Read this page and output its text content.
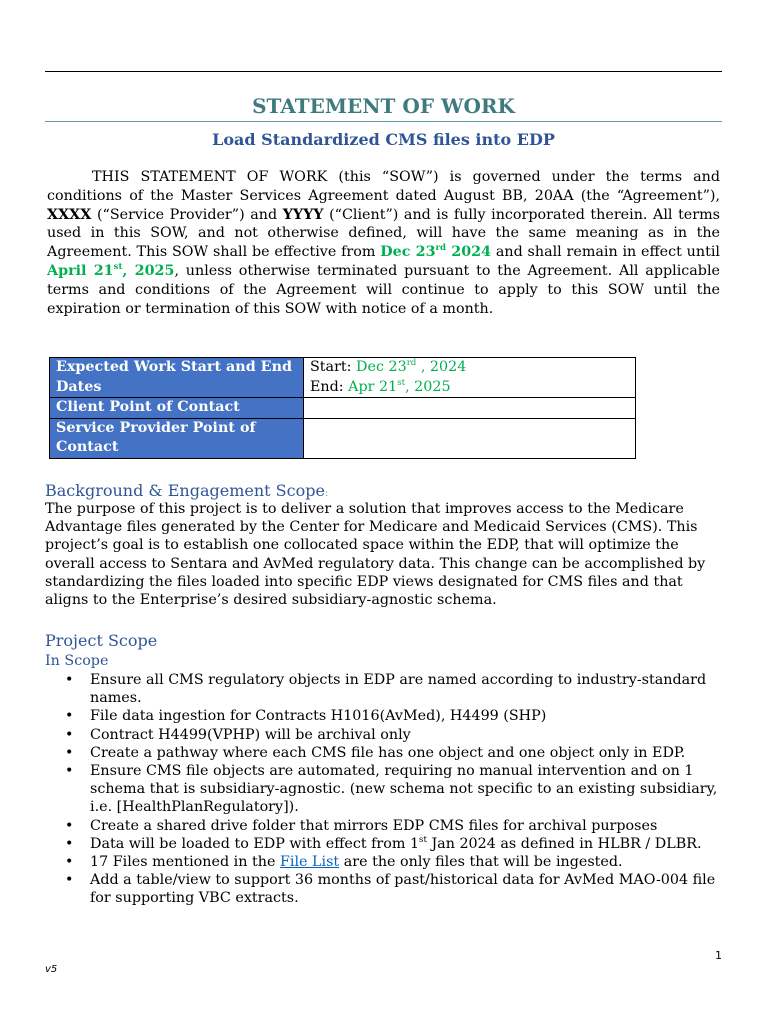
STATEMENT OF WORK
Load Standardized CMS files into EDP
THIS STATEMENT OF WORK (this “SOW”) is governed under the terms and conditions of the Master Services Agreement dated August BB, 20AA (the “Agreement”), XXXX (“Service Provider”) and YYYY (“Client”) and is fully incorporated therein. All terms used in this SOW, and not otherwise defined, will have the same meaning as in the Agreement. This SOW shall be effective from Dec 23rd 2024 and shall remain in effect until April 21st, 2025, unless otherwise terminated pursuant to the Agreement. All applicable terms and conditions of the Agreement will continue to apply to this SOW until the expiration or termination of this SOW with notice of a month.
Expected Work Start and End Dates	Start: Dec 23rd , 2024
End: Apr 21st, 2025

Client Point of Contact	
Service Provider Point of Contact	
Background & Engagement Scope:
The purpose of this project is to deliver a solution that improves access to the Medicare Advantage files generated by the Center for Medicare and Medicaid Services (CMS). This project’s goal is to establish one collocated space within the EDP, that will optimize the overall access to Sentara and AvMed regulatory data. This change can be accomplished by standardizing the files loaded into specific EDP views designated for CMS files and that aligns to the Enterprise’s desired subsidiary-agnostic schema.
Project Scope
In Scope
• Ensure all CMS regulatory objects in EDP are named according to industry-standard names.
• File data ingestion for Contracts H1016(AvMed), H4499 (SHP)
• Contract H4499(VPHP) will be archival only
• Create a pathway where each CMS file has one object and one object only in EDP.
• Ensure CMS file objects are automated, requiring no manual intervention and on 1 schema that is subsidiary-agnostic. (new schema not specific to an existing subsidiary, i.e. [HealthPlanRegulatory]).
• Create a shared drive folder that mirrors EDP CMS files for archival purposes
• Data will be loaded to EDP with effect from 1st Jan 2024 as defined in HLBR / DLBR.
• 17 Files mentioned in the File List are the only files that will be ingested.
• Add a table/view to support 36 months of past/historical data for AvMed MAO-004 file for supporting VBC extracts.
1
v5
